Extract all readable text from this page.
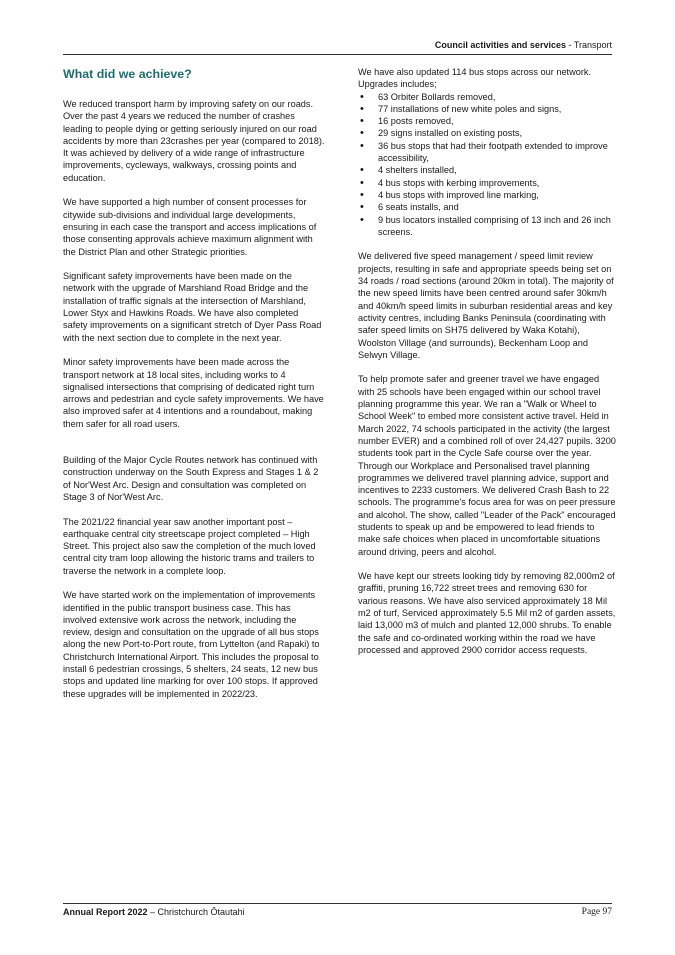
Council activities and services - Transport
What did we achieve?

We reduced transport harm by improving safety on our roads. Over the past 4 years we reduced the number of crashes leading to people dying or getting seriously injured on our road accidents by more than 23crashes per year (compared to 2018). It was achieved by delivery of a wide range of infrastructure improvements, cycleways, walkways, crossing points and education.

We have supported a high number of consent processes for citywide sub-divisions and individual large developments, ensuring in each case the transport and access implications of those consenting approvals achieve maximum alignment with the District Plan and other Strategic priorities.

Significant safety improvements have been made on the network with the upgrade of Marshland Road Bridge and the installation of traffic signals at the intersection of Marshland, Lower Styx and Hawkins Roads. We have also completed safety improvements on a significant stretch of Dyer Pass Road with the next section due to complete in the next year.

Minor safety improvements have been made across the transport network at 18 local sites, including works to 4 signalised intersections that comprising of dedicated right turn arrows and pedestrian and cycle safety improvements. We have also improved safer at 4 intentions and a roundabout, making them safer for all road users.

Building of the Major Cycle Routes network has continued with construction underway on the South Express and Stages 1 & 2 of Nor'West Arc. Design and consultation was completed on Stage 3 of Nor'West Arc.

The 2021/22 financial year saw another important post – earthquake central city streetscape project completed – High Street. This project also saw the completion of the much loved central city tram loop allowing the historic trams and trailers to traverse the network in a complete loop.

We have started work on the implementation of improvements identified in the public transport business case. This has involved extensive work across the network, including the review, design and consultation on the upgrade of all bus stops along the new Port-to-Port route, from Lyttelton (and Rapaki) to Christchurch International Airport. This includes the proposal to install 6 pedestrian crossings, 5 shelters, 24 seats, 12 new bus stops and updated line marking for over 100 stops. If approved these upgrades will be implemented in 2022/23.

We have also updated 114 bus stops across our network. Upgrades includes;

• 63 Orbiter Bollards removed,
• 77 installations of new white poles and signs,
• 16 posts removed,
• 29 signs installed on existing posts,
• 36 bus stops that had their footpath extended to improve accessibility,
• 4 shelters installed,
• 4 bus stops with kerbing improvements,
• 4 bus stops with improved line marking,
• 6 seats installs, and
• 9 bus locators installed comprising of 13 inch and 26 inch screens.

We delivered five speed management / speed limit review projects, resulting in safe and appropriate speeds being set on 34 roads / road sections (around 20km in total). The majority of the new speed limits have been centred around safer 30km/h and 40km/h speed limits in suburban residential areas and key activity centres, including Banks Peninsula (coordinating with safer speed limits on SH75 delivered by Waka Kotahi), Woolston Village (and surrounds), Beckenham Loop and Selwyn Village.

To help promote safer and greener travel we have engaged with 25 schools have been engaged within our school travel planning programme this year. We ran a "Walk or Wheel to School Week" to embed more consistent active travel. Held in March 2022, 74 schools participated in the activity (the largest number EVER) and a combined roll of over 24,427 pupils. 3200 students took part in the Cycle Safe course over the year. Through our Workplace and Personalised travel planning programmes we delivered travel planning advice, support and incentives to 2233 customers. We delivered Crash Bash to 22 schools. The programme's focus area for was on peer pressure and alcohol. The show, called "Leader of the Pack" encouraged students to speak up and be empowered to lead friends to make safe choices when placed in uncomfortable situations around driving, peers and alcohol.

We have kept our streets looking tidy by removing 82,000m2 of graffiti, pruning 16,722 street trees and removing 630 for various reasons. We have also serviced approximately 18 Mil m2 of turf, Serviced approximately 5.5 Mil m2 of garden assets, laid 13,000 m3 of mulch and planted 12,000 shrubs. To enable the safe and co-ordinated working within the road we have processed and approved 2900 corridor access requests.

Annual Report 2022 – Christchurch Ōtautahi	Page 97
